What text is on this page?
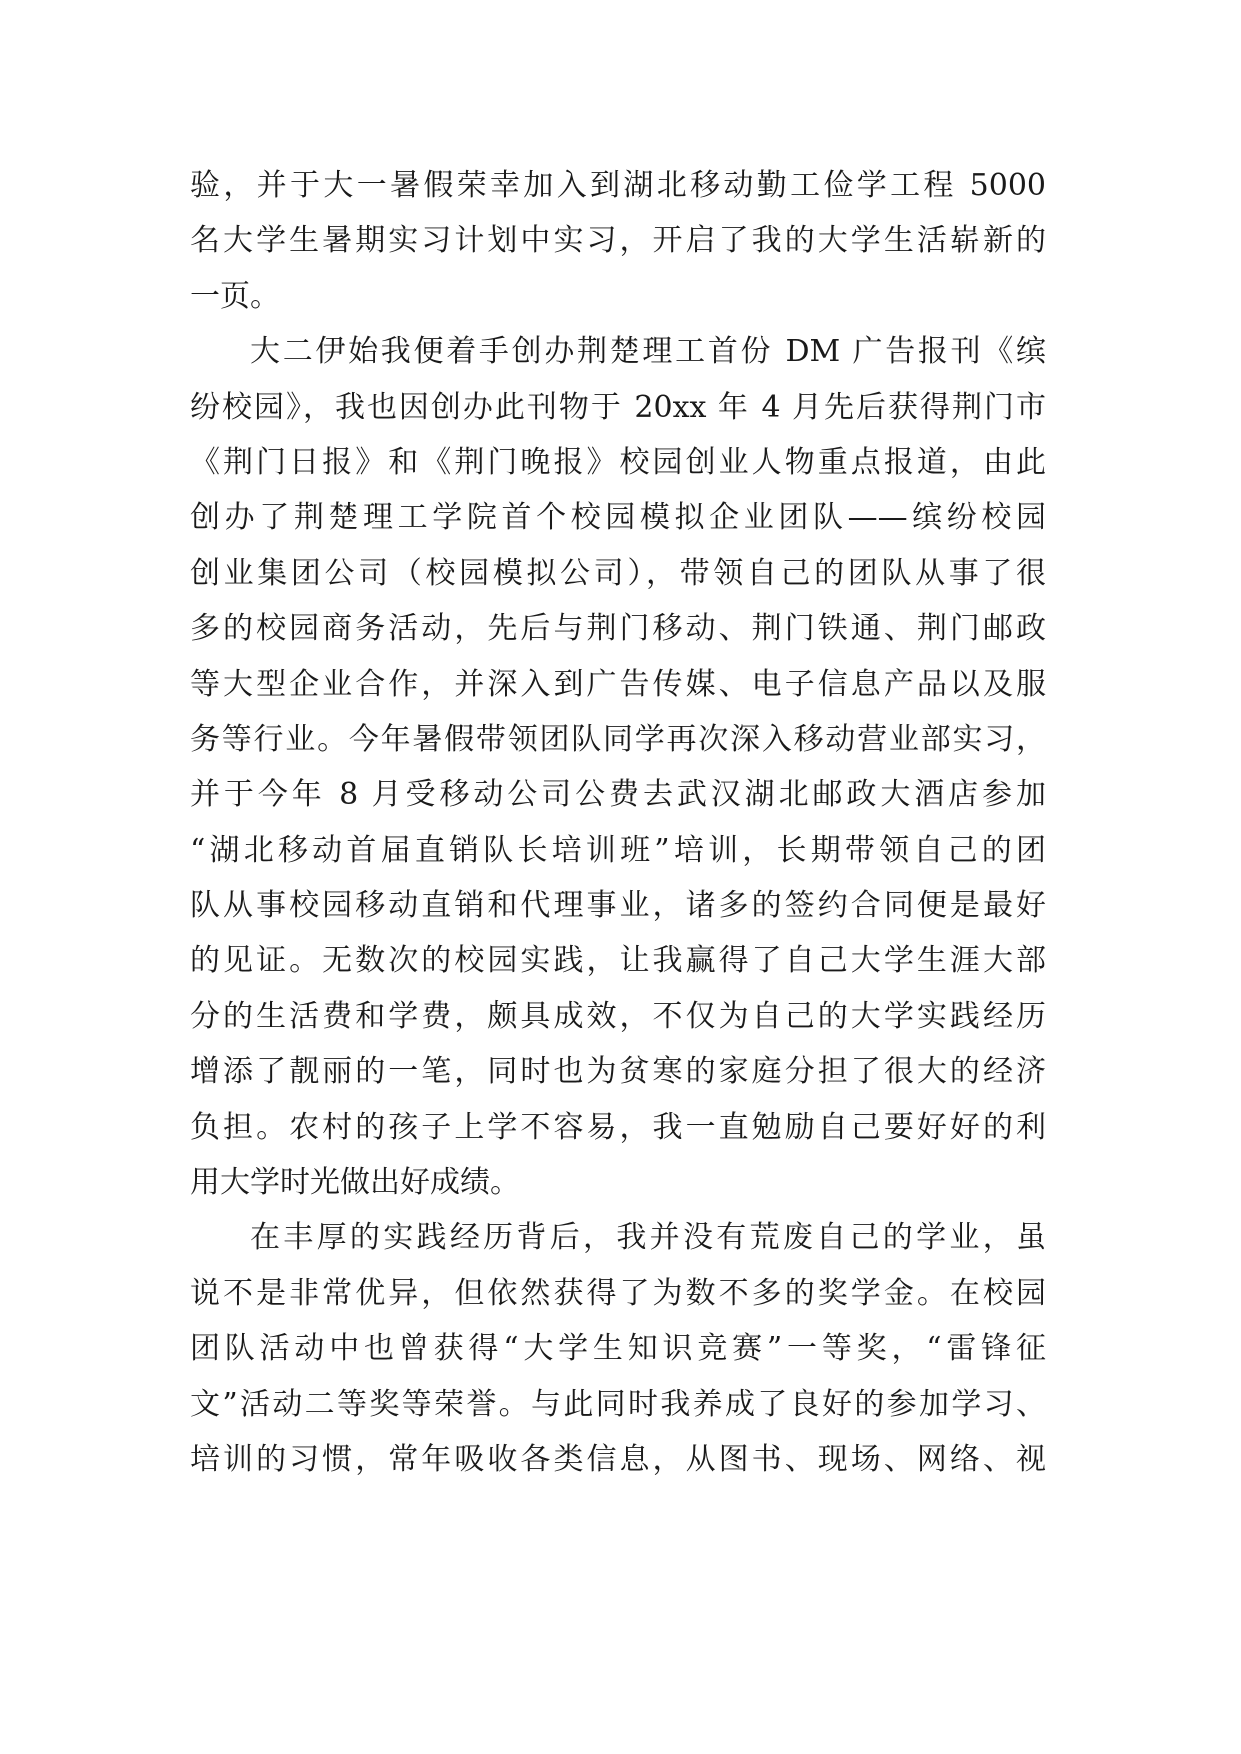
验，并于大一暑假荣幸加入到湖北移动勤工俭学工程 5000
名大学生暑期实习计划中实习，开启了我的大学生活崭新的
一页。
大二伊始我便着手创办荆楚理工首份 DM 广告报刊《缤
纷校园》，我也因创办此刊物于 20xx 年 4 月先后获得荆门市
《荆门日报》和《荆门晚报》校园创业人物重点报道，由此
创办了荆楚理工学院首个校园模拟企业团队——缤纷校园
创业集团公司（校园模拟公司），带领自己的团队从事了很
多的校园商务活动，先后与荆门移动、荆门铁通、荆门邮政
等大型企业合作，并深入到广告传媒、电子信息产品以及服
务等行业。今年暑假带领团队同学再次深入移动营业部实习，
并于今年 8 月受移动公司公费去武汉湖北邮政大酒店参加
“湖北移动首届直销队长培训班”培训，长期带领自己的团
队从事校园移动直销和代理事业，诸多的签约合同便是最好
的见证。无数次的校园实践，让我赢得了自己大学生涯大部
分的生活费和学费，颇具成效，不仅为自己的大学实践经历
增添了靓丽的一笔，同时也为贫寒的家庭分担了很大的经济
负担。农村的孩子上学不容易，我一直勉励自己要好好的利
用大学时光做出好成绩。
在丰厚的实践经历背后，我并没有荒废自己的学业，虽
说不是非常优异，但依然获得了为数不多的奖学金。在校园
团队活动中也曾获得“大学生知识竞赛”一等奖，“雷锋征
文”活动二等奖等荣誉。与此同时我养成了良好的参加学习、
培训的习惯，常年吸收各类信息，从图书、现场、网络、视
